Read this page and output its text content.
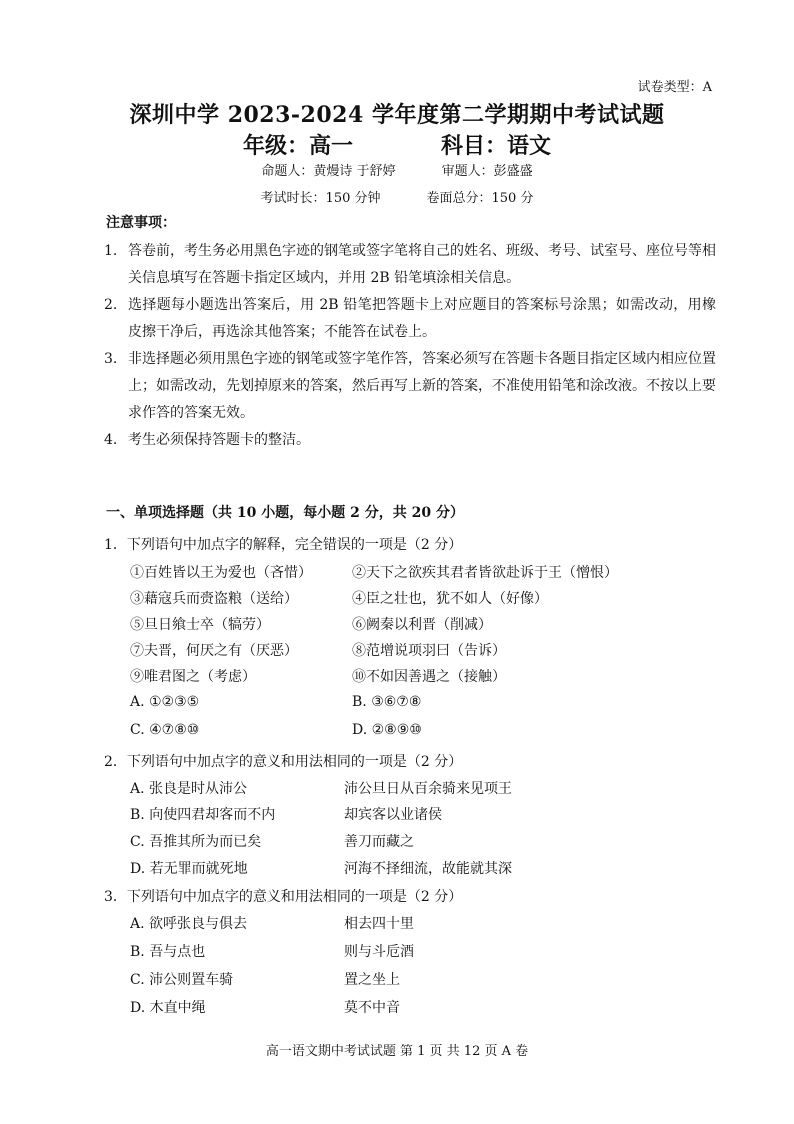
试卷类型：A
深圳中学 2023-2024 学年度第二学期期中考试试题
年级：高一	科目：语文
命题人：黄熳诗 于舒婷	审题人：彭盛盛
考试时长：150 分钟	卷面总分：150 分
注意事项：
1. 答卷前，考生务必用黑色字迹的钢笔或签字笔将自己的姓名、班级、考号、试室号、座位号等相关信息填写在答题卡指定区域内，并用 2B 铅笔填涂相关信息。
2. 选择题每小题选出答案后，用 2B 铅笔把答题卡上对应题目的答案标号涂黑；如需改动，用橡皮擦干净后，再选涂其他答案；不能答在试卷上。
3. 非选择题必须用黑色字迹的钢笔或签字笔作答，答案必须写在答题卡各题目指定区域内相应位置上；如需改动，先划掉原来的答案，然后再写上新的答案，不准使用铅笔和涂改液。不按以上要求作答的答案无效。
4. 考生必须保持答题卡的整洁。
一、单项选择题（共 10 小题，每小题 2 分，共 20 分）
1．下列语句中加点字的解释，完全错误的一项是（2 分）
①百姓皆以王为爱也（吝惜）	②天下之欲疾其君者皆欲赴诉于王（憎恨）
③藉寇兵而赍盗粮（送给）	④臣之壮也，犹不如人（好像）
⑤旦日飨士卒（犒劳）	⑥阙秦以利晋（削减）
⑦夫晋，何厌之有（厌恶）	⑧范增说项羽曰（告诉）
⑨唯君图之（考虑）	⑩不如因善遇之（接触）
A. ①②③⑤	B. ③⑥⑦⑧
C. ④⑦⑧⑩	D. ②⑧⑨⑩
2．下列语句中加点字的意义和用法相同的一项是（2 分）
A. 张良是时从沛公	沛公旦日从百余骑来见项王
B. 向使四君却客而不内	却宾客以业诸侯
C. 吾推其所为而已矣	善刀而藏之
D. 若无罪而就死地	河海不择细流，故能就其深
3．下列语句中加点字的意义和用法相同的一项是（2 分）
A. 欲呼张良与俱去	相去四十里
B. 吾与点也	则与斗卮酒
C. 沛公则置车骑	置之坐上
D. 木直中绳	莫不中音
高一语文期中考试试题 第 1 页 共 12 页 A 卷
